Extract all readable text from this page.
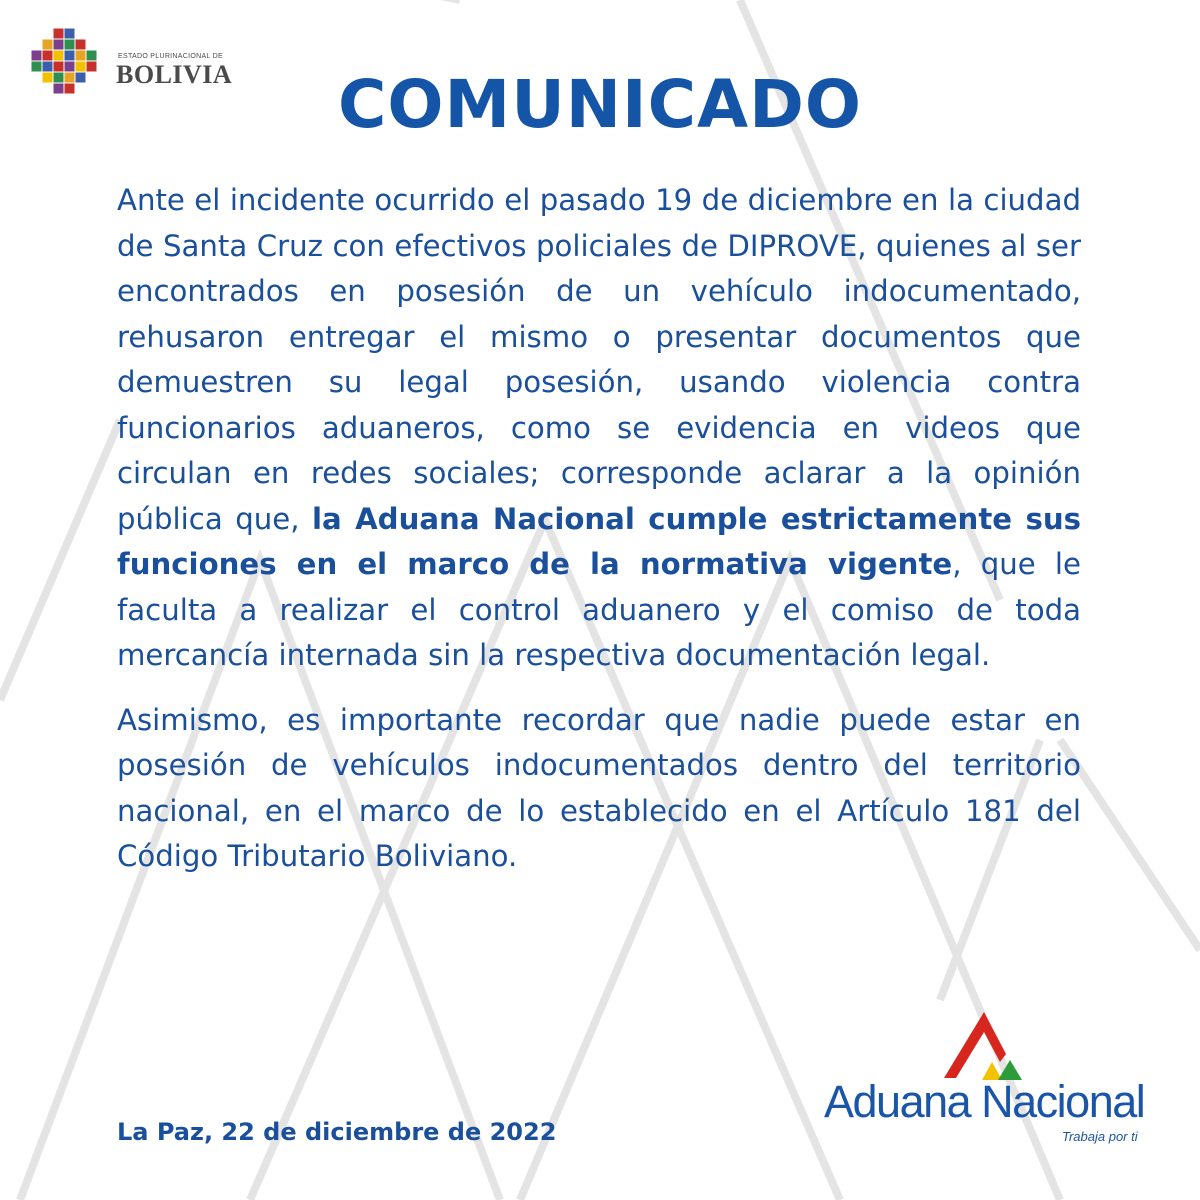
ESTADO PLURINACIONAL DE
BOLIVIA	COMUNICADO

Ante el incidente ocurrido el pasado 19 de diciembre en la ciudad de Santa Cruz con efectivos policiales de DIPROVE, quienes al ser encontrados en posesión de un vehículo indocumentado, rehusaron entregar el mismo o presentar documentos que demuestren su legal posesión, usando violencia contra funcionarios aduaneros, como se evidencia en videos que circulan en redes sociales; corresponde aclarar a la opinión pública que, la Aduana Nacional cumple estrictamente sus funciones en el marco de la normativa vigente, que le faculta a realizar el control aduanero y el comiso de toda mercancía internada sin la respectiva documentación legal.

Asimismo, es importante recordar que nadie puede estar en posesión de vehículos indocumentados dentro del territorio nacional, en el marco de lo establecido en el Artículo 181 del Código Tributario Boliviano.

La Paz, 22 de diciembre de 2022
Aduana Nacional
Trabaja por ti
